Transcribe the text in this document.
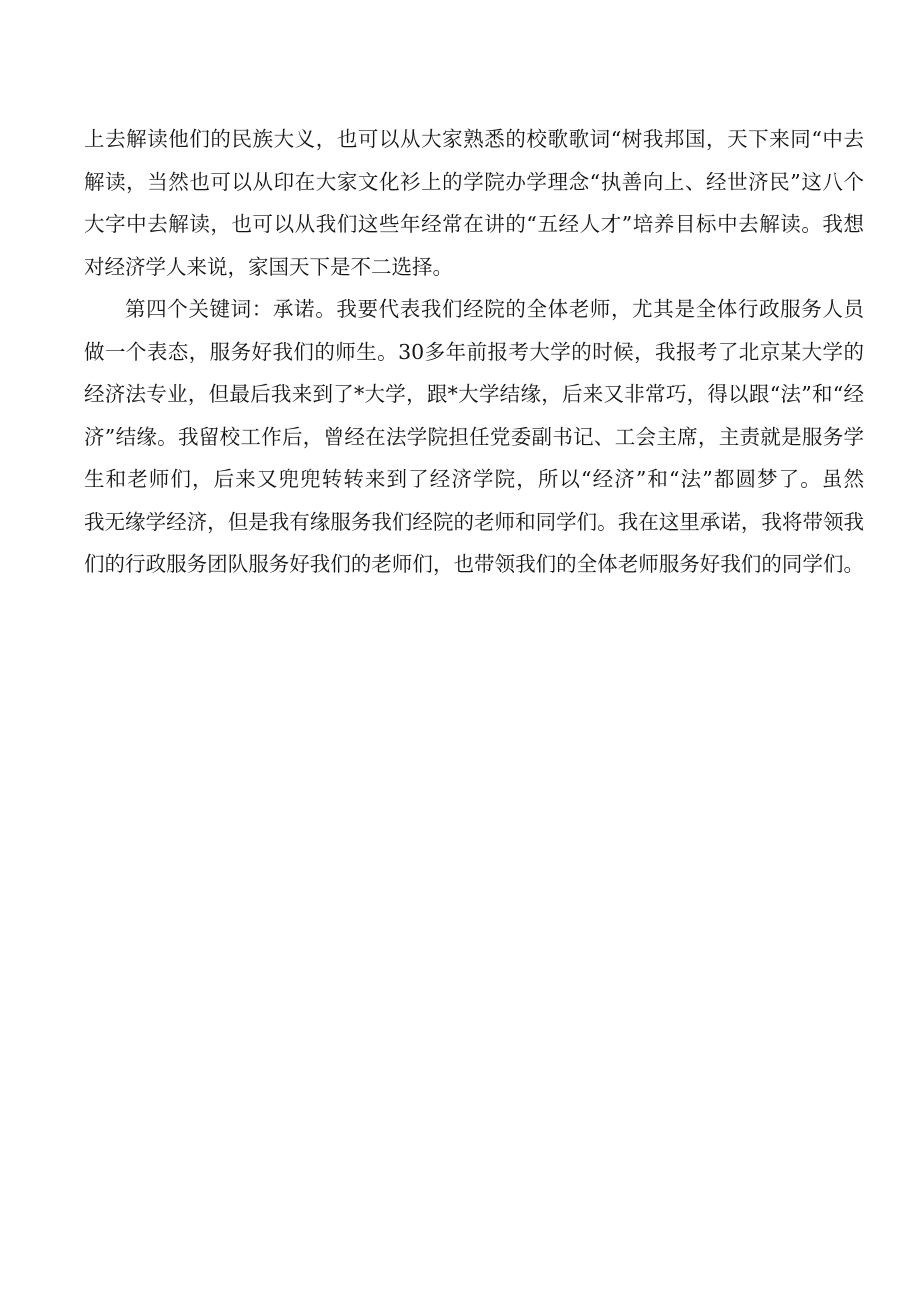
上去解读他们的民族大义，也可以从大家熟悉的校歌歌词“树我邦国，天下来同“中去
解读，当然也可以从印在大家文化衫上的学院办学理念“执善向上、经世济民”这八个
大字中去解读，也可以从我们这些年经常在讲的“五经人才”培养目标中去解读。我想
对经济学人来说，家国天下是不二选择。
第四个关键词：承诺。我要代表我们经院的全体老师，尤其是全体行政服务人员
做一个表态，服务好我们的师生。30多年前报考大学的时候，我报考了北京某大学的
经济法专业，但最后我来到了*大学，跟*大学结缘，后来又非常巧，得以跟“法”和“经
济”结缘。我留校工作后，曾经在法学院担任党委副书记、工会主席，主责就是服务学
生和老师们，后来又兜兜转转来到了经济学院，所以“经济”和“法”都圆梦了。虽然
我无缘学经济，但是我有缘服务我们经院的老师和同学们。我在这里承诺，我将带领我
们的行政服务团队服务好我们的老师们，也带领我们的全体老师服务好我们的同学们。
